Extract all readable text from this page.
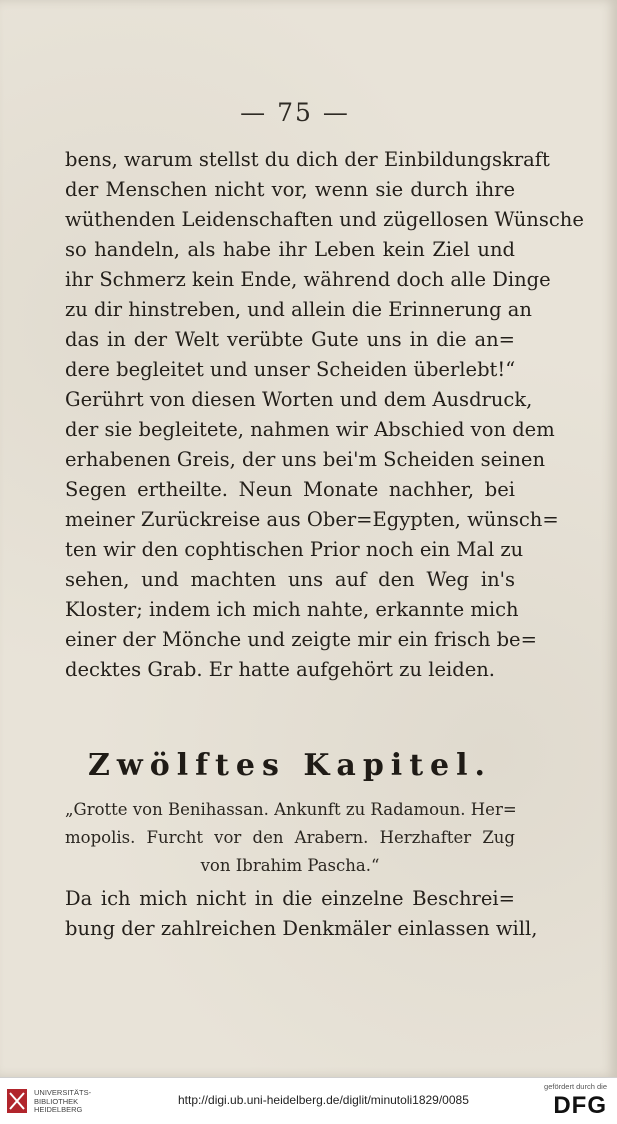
— 75 —
bens, warum stellst du dich der Einbildungskraft
der Menschen nicht vor, wenn sie durch ihre
wüthenden Leidenschaften und zügellosen Wünsche
so handeln, als habe ihr Leben kein Ziel und
ihr Schmerz kein Ende, während doch alle Dinge
zu dir hinstreben, und allein die Erinnerung an
das in der Welt verübte Gute uns in die an=
dere begleitet und unser Scheiden überlebt!“
Gerührt von diesen Worten und dem Ausdruck,
der sie begleitete, nahmen wir Abschied von dem
erhabenen Greis, der uns bei'm Scheiden seinen
Segen ertheilte. Neun Monate nachher, bei
meiner Zurückreise aus Ober=Egypten, wünsch=
ten wir den cophtischen Prior noch ein Mal zu
sehen, und machten uns auf den Weg in's
Kloster; indem ich mich nahte, erkannte mich
einer der Mönche und zeigte mir ein frisch be=
decktes Grab. Er hatte aufgehört zu leiden.
Zwölftes Kapitel.
„Grotte von Benihassan. Ankunft zu Radamoun. Her=
mopolis. Furcht vor den Arabern. Herzhafter Zug
von Ibrahim Pascha.“
Da ich mich nicht in die einzelne Beschrei=
bung der zahlreichen Denkmäler einlassen will,
UNIVERSITÄTS-
BIBLIOTHEK
HEIDELBERG
http://digi.ub.uni-heidelberg.de/diglit/minutoli1829/0085
gefördert durch die
DFG
